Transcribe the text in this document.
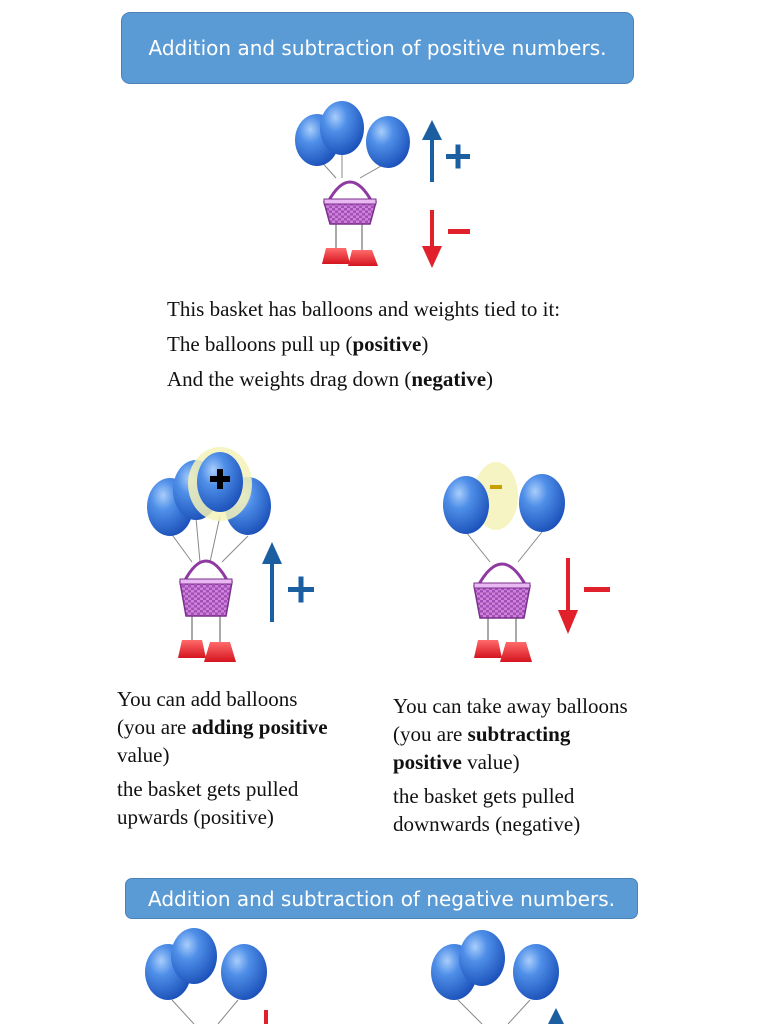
Addition and subtraction of positive numbers.
This basket has balloons and weights tied to it:
The balloons pull up (positive)
And the weights drag down (negative)

You can add balloons
(you are adding positive
value)

the basket gets pulled upwards (positive)

You can take away balloons
(you are subtracting
positive value)

the basket gets pulled downwards (negative)

Addition and subtraction of negative numbers.
